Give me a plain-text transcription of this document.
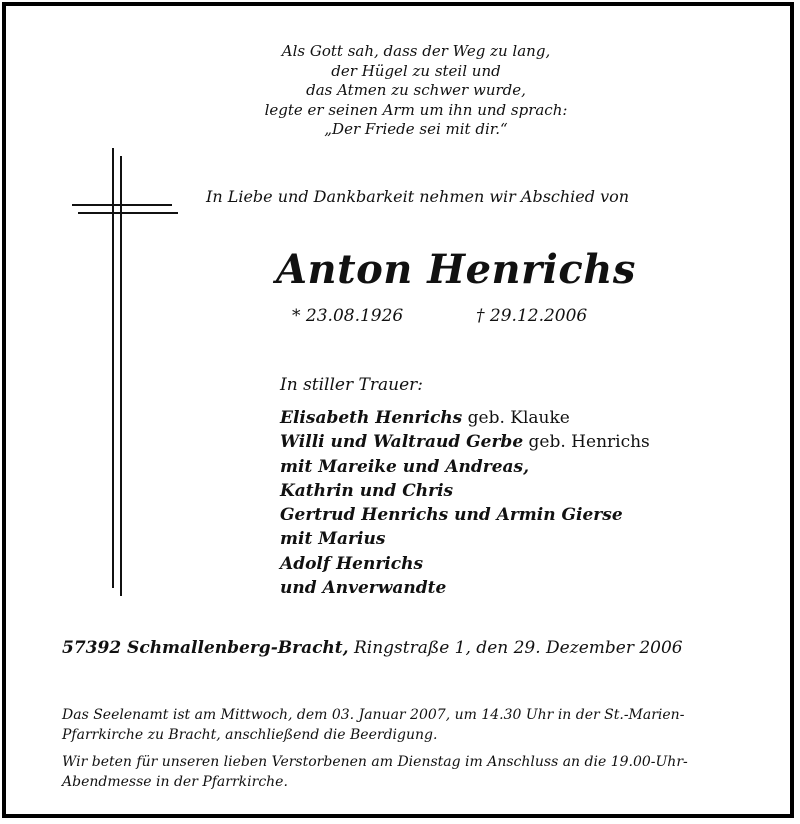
Als Gott sah, dass der Weg zu lang,
der Hügel zu steil und
das Atmen zu schwer wurde,
legte er seinen Arm um ihn und sprach:
„Der Friede sei mit dir.“
In Liebe und Dankbarkeit nehmen wir Abschied von
Anton Henrichs
* 23.08.1926	† 29.12.2006
In stiller Trauer:
Elisabeth Henrichs geb. Klauke
Willi und Waltraud Gerbe geb. Henrichs
mit Mareike und Andreas,
Kathrin und Chris
Gertrud Henrichs und Armin Gierse
mit Marius
Adolf Henrichs
und Anverwandte
57392 Schmallenberg-Bracht, Ringstraße 1, den 29. Dezember 2006
Das Seelenamt ist am Mittwoch, dem 03. Januar 2007, um 14.30 Uhr in der St.-Marien-
Pfarrkirche zu Bracht, anschließend die Beerdigung.
Wir beten für unseren lieben Verstorbenen am Dienstag im Anschluss an die 19.00-Uhr-
Abendmesse in der Pfarrkirche.
